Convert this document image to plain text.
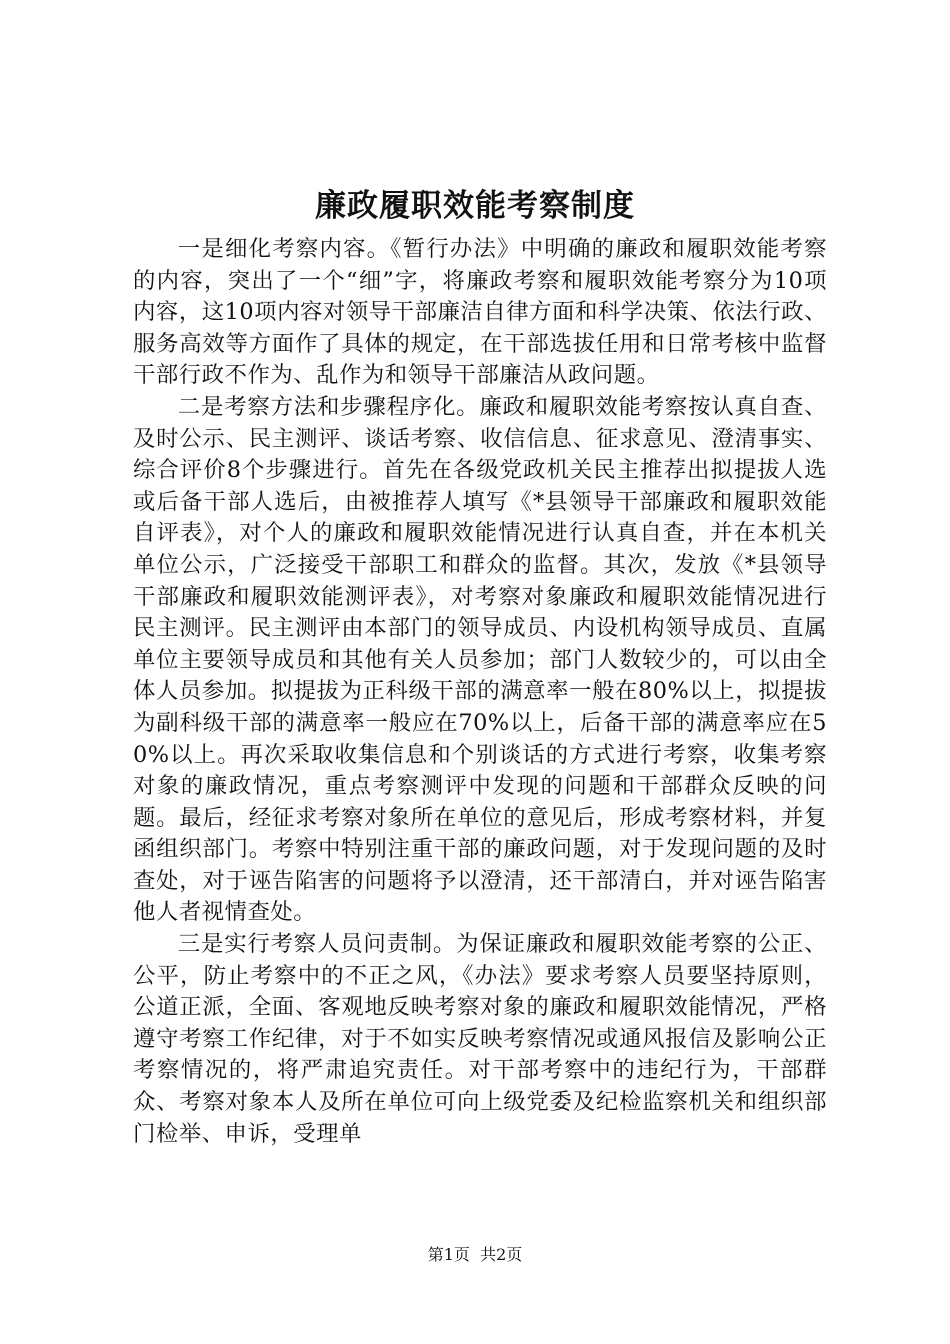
廉政履职效能考察制度

一是细化考察内容。《暂行办法》中明确的廉政和履职效能考察的内容，突出了一个“细”字，将廉政考察和履职效能考察分为10项内容，这10项内容对领导干部廉洁自律方面和科学决策、依法行政、服务高效等方面作了具体的规定，在干部选拔任用和日常考核中监督干部行政不作为、乱作为和领导干部廉洁从政问题。

二是考察方法和步骤程序化。廉政和履职效能考察按认真自查、及时公示、民主测评、谈话考察、收信信息、征求意见、澄清事实、综合评价8个步骤进行。首先在各级党政机关民主推荐出拟提拔人选或后备干部人选后，由被推荐人填写《*县领导干部廉政和履职效能自评表》，对个人的廉政和履职效能情况进行认真自查，并在本机关单位公示，广泛接受干部职工和群众的监督。其次，发放《*县领导干部廉政和履职效能测评表》，对考察对象廉政和履职效能情况进行民主测评。民主测评由本部门的领导成员、内设机构领导成员、直属单位主要领导成员和其他有关人员参加；部门人数较少的，可以由全体人员参加。拟提拔为正科级干部的满意率一般在80%以上，拟提拔为副科级干部的满意率一般应在70%以上，后备干部的满意率应在50%以上。再次采取收集信息和个别谈话的方式进行考察，收集考察对象的廉政情况，重点考察测评中发现的问题和干部群众反映的问题。最后，经征求考察对象所在单位的意见后，形成考察材料，并复函组织部门。考察中特别注重干部的廉政问题，对于发现问题的及时查处，对于诬告陷害的问题将予以澄清，还干部清白，并对诬告陷害他人者视情查处。

三是实行考察人员问责制。为保证廉政和履职效能考察的公正、公平，防止考察中的不正之风，《办法》要求考察人员要坚持原则，公道正派，全面、客观地反映考察对象的廉政和履职效能情况，严格遵守考察工作纪律，对于不如实反映考察情况或通风报信及影响公正考察情况的，将严肃追究责任。对干部考察中的违纪行为，干部群众、考察对象本人及所在单位可向上级党委及纪检监察机关和组织部门检举、申诉，受理单

第1页  共2页
